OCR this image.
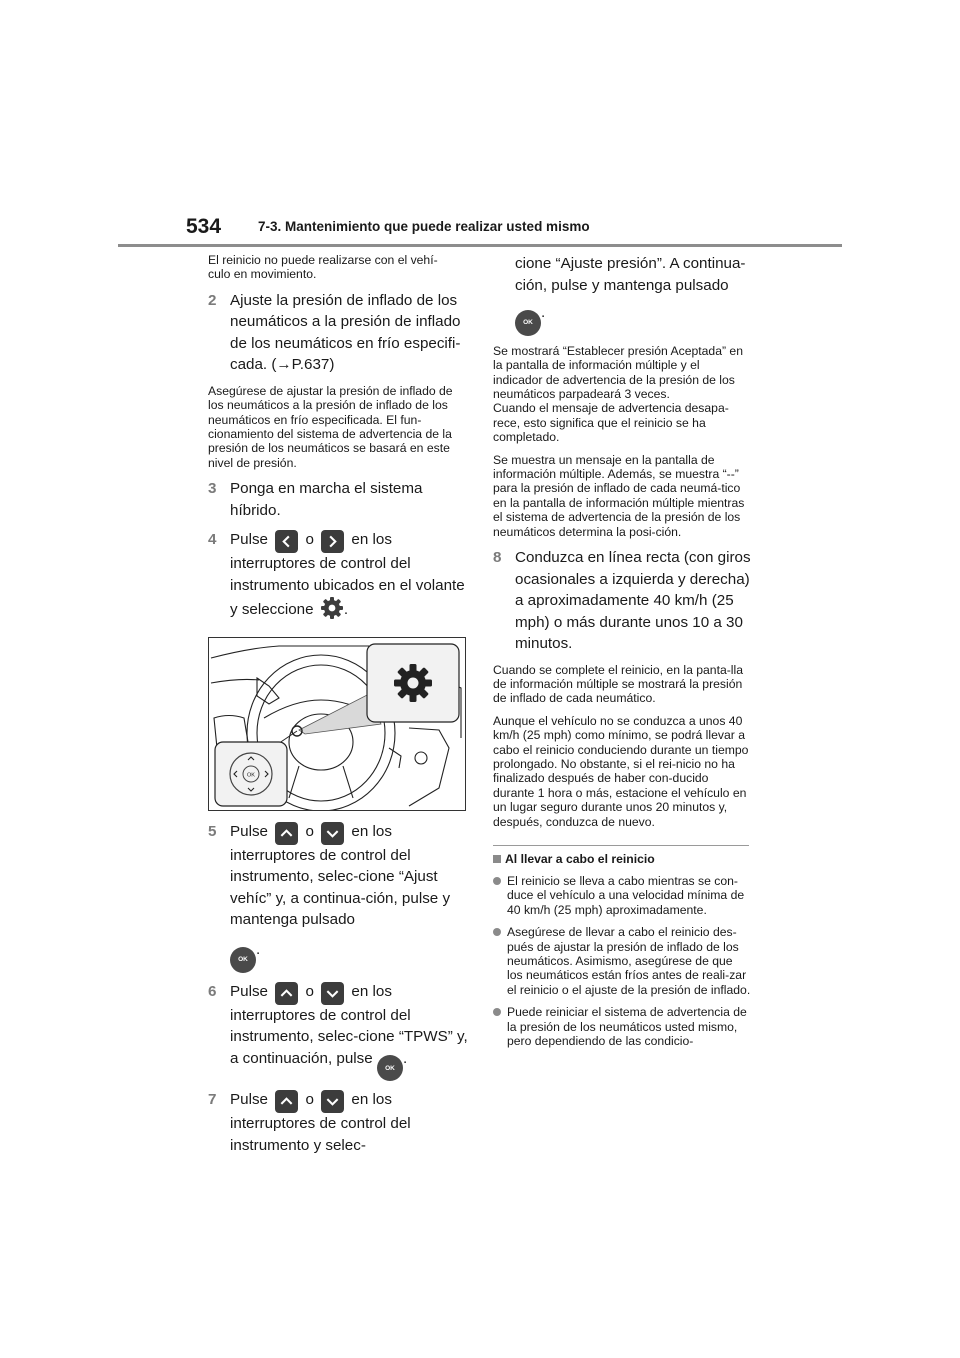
534	7-3. Mantenimiento que puede realizar usted mismo

El reinicio no puede realizarse con el vehí-
culo en movimiento.

2 Ajuste la presión de inflado de los neumáticos a la presión de inflado de los neumáticos en frío especifi-cada. (→P.637)

Asegúrese de ajustar la presión de inflado de los neumáticos a la presión de inflado de los neumáticos en frío especificada. El fun-cionamiento del sistema de advertencia de la presión de los neumáticos se basará en este nivel de presión.

3 Ponga en marcha el sistema híbrido.
4 Pulse o en los interruptores de control del instrumento ubicados en el volante y seleccione .
OK
5 Pulse o en los interruptores de control del instrumento, selec-cione “Ajust vehíc” y, a continua-ción, pulse y mantenga pulsado
OK.
6 Pulse o en los interruptores de control del instrumento, selec-cione “TPWS” y, a continuación, pulse OK.
7 Pulse o en los interruptores de control del instrumento y selec-
cione “Ajuste presión”. A continua-ción, pulse y mantenga pulsado
OK.

Se mostrará “Establecer presión Aceptada” en la pantalla de información múltiple y el indicador de advertencia de la presión de los neumáticos parpadeará 3 veces.
Cuando el mensaje de advertencia desapa-rece, esto significa que el reinicio se ha completado.

Se muestra un mensaje en la pantalla de información múltiple. Además, se muestra “--” para la presión de inflado de cada neumá-tico en la pantalla de información múltiple mientras el sistema de advertencia de la presión de los neumáticos determina la posi-ción.

8 Conduzca en línea recta (con giros ocasionales a izquierda y derecha) a aproximadamente 40 km/h (25 mph) o más durante unos 10 a 30 minutos.

Cuando se complete el reinicio, en la panta-lla de información múltiple se mostrará la presión de inflado de cada neumático.

Aunque el vehículo no se conduzca a unos 40 km/h (25 mph) como mínimo, se podrá llevar a cabo el reinicio conduciendo durante un tiempo prolongado. No obstante, si el rei-nicio no ha finalizado después de haber con-ducido durante 1 hora o más, estacione el vehículo en un lugar seguro durante unos 20 minutos y, después, conduzca de nuevo.

Al llevar a cabo el reinicio
El reinicio se lleva a cabo mientras se con-duce el vehículo a una velocidad mínima de 40 km/h (25 mph) aproximadamente.
Asegúrese de llevar a cabo el reinicio des-pués de ajustar la presión de inflado de los neumáticos. Asimismo, asegúrese de que los neumáticos están fríos antes de reali-zar el reinicio o el ajuste de la presión de inflado.
Puede reiniciar el sistema de advertencia de la presión de los neumáticos usted mismo, pero dependiendo de las condicio-
